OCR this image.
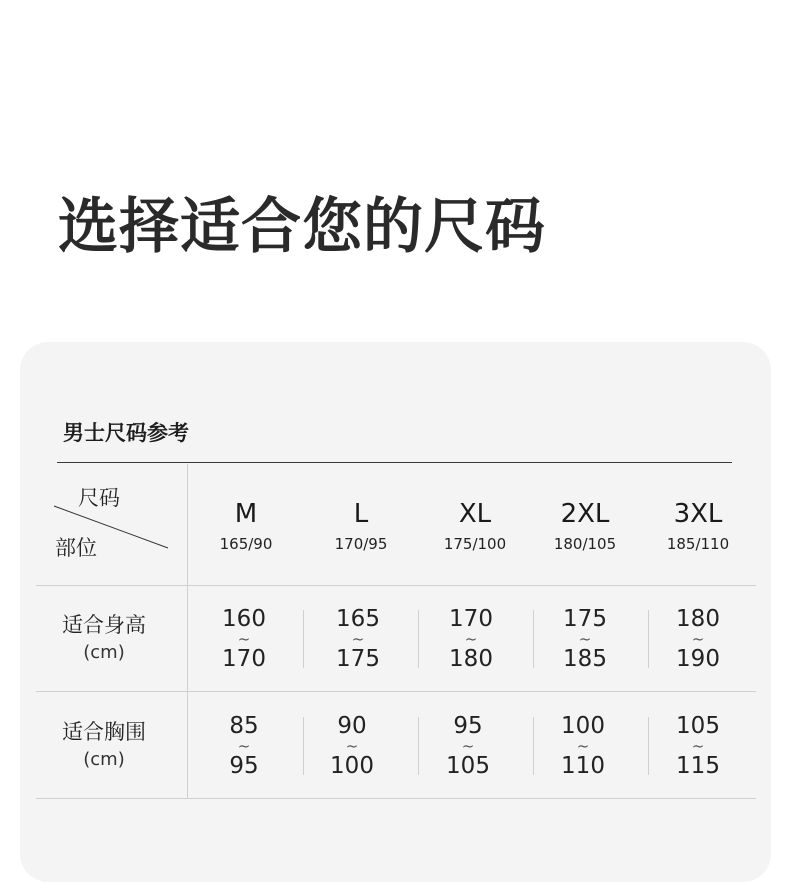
选择适合您的尺码
男士尺码参考
尺码
部位
M
165/90
L
170/95
XL
175/100
2XL
180/105
3XL
185/110
适合身高
(cm)
160
~
170
165
~
175
170
~
180
175
~
185
180
~
190
适合胸围
(cm)
85
~
95
90
~
100
95
~
105
100
~
110
105
~
115
